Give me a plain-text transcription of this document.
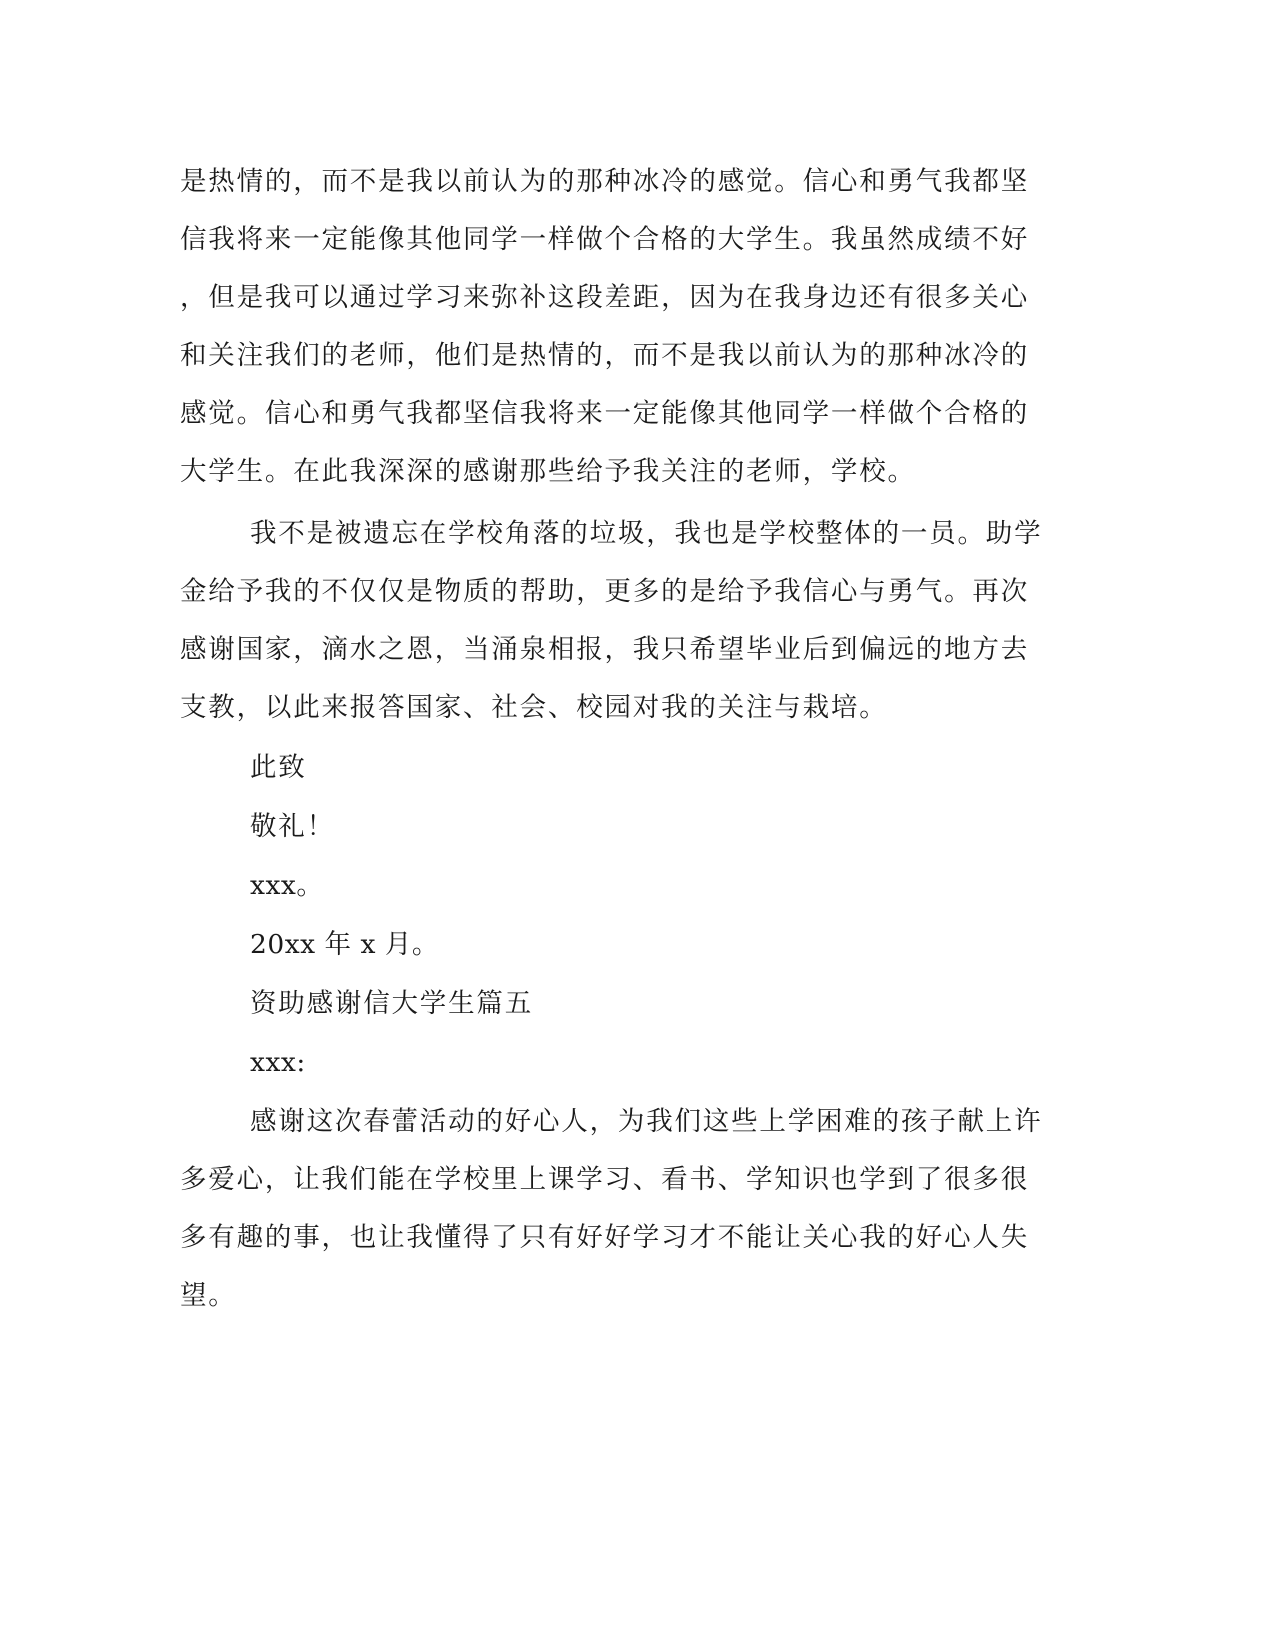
是热情的，而不是我以前认为的那种冰冷的感觉。信心和勇气我都坚
信我将来一定能像其他同学一样做个合格的大学生。我虽然成绩不好
，但是我可以通过学习来弥补这段差距，因为在我身边还有很多关心
和关注我们的老师，他们是热情的，而不是我以前认为的那种冰冷的
感觉。信心和勇气我都坚信我将来一定能像其他同学一样做个合格的
大学生。在此我深深的感谢那些给予我关注的老师，学校。
我不是被遗忘在学校角落的垃圾，我也是学校整体的一员。助学
金给予我的不仅仅是物质的帮助，更多的是给予我信心与勇气。再次
感谢国家，滴水之恩，当涌泉相报，我只希望毕业后到偏远的地方去
支教，以此来报答国家、社会、校园对我的关注与栽培。
此致
敬礼！
xxx。
20xx 年 x 月。
资助感谢信大学生篇五
xxx:
感谢这次春蕾活动的好心人，为我们这些上学困难的孩子献上许
多爱心，让我们能在学校里上课学习、看书、学知识也学到了很多很
多有趣的事，也让我懂得了只有好好学习才不能让关心我的好心人失
望。
